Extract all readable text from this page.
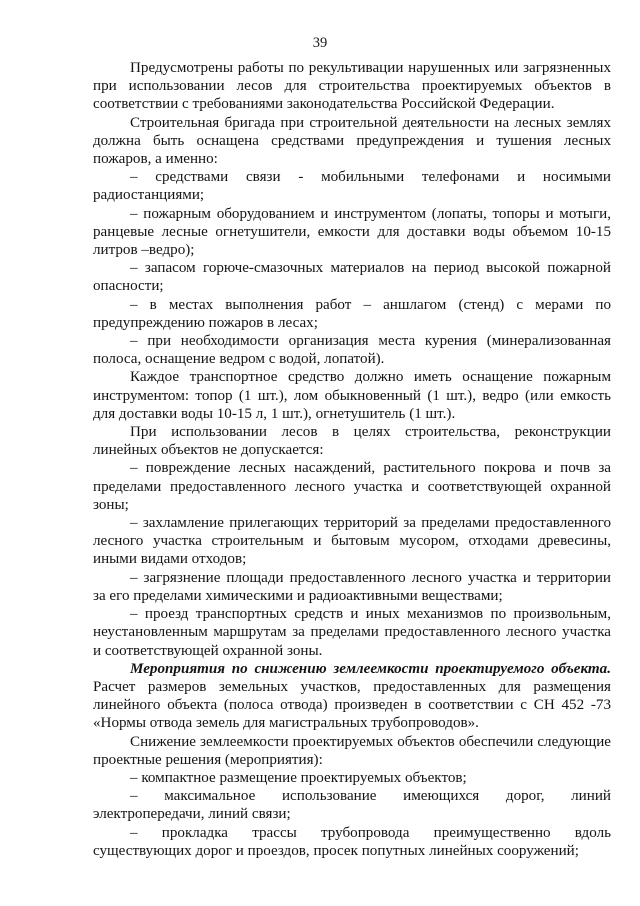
39

Предусмотрены работы по рекультивации нарушенных или загрязненных при использовании лесов для строительства проектируемых объектов в соответствии с требованиями законодательства Российской Федерации.

Строительная бригада при строительной деятельности на лесных землях должна быть оснащена средствами предупреждения и тушения лесных пожаров, а именно:

– средствами связи - мобильными телефонами и носимыми радиостанциями;

– пожарным оборудованием и инструментом (лопаты, топоры и мотыги, ранцевые лесные огнетушители, емкости для доставки воды объемом 10-15 литров –ведро);

– запасом горюче-смазочных материалов на период высокой пожарной опасности;

– в местах выполнения работ – аншлагом (стенд) с мерами по предупреждению пожаров в лесах;

– при необходимости организация места курения (минерализованная полоса, оснащение ведром с водой, лопатой).

Каждое транспортное средство должно иметь оснащение пожарным инструментом: топор (1 шт.), лом обыкновенный (1 шт.), ведро (или емкость для доставки воды 10-15 л, 1 шт.), огнетушитель (1 шт.).

При использовании лесов в целях строительства, реконструкции линейных объектов не допускается:

– повреждение лесных насаждений, растительного покрова и почв за пределами предоставленного лесного участка и соответствующей охранной зоны;

– захламление прилегающих территорий за пределами предоставленного лесного участка строительным и бытовым мусором, отходами древесины, иными видами отходов;

– загрязнение площади предоставленного лесного участка и территории за его пределами химическими и радиоактивными веществами;

– проезд транспортных средств и иных механизмов по произвольным, неустановленным маршрутам за пределами предоставленного лесного участка и соответствующей охранной зоны.

Мероприятия по снижению землеемкости проектируемого объекта. Расчет размеров земельных участков, предоставленных для размещения линейного объекта (полоса отвода) произведен в соответствии с СН 452 -73 «Нормы отвода земель для магистральных трубопроводов».

Снижение землеемкости проектируемых объектов обеспечили следующие проектные решения (мероприятия):

– компактное размещение проектируемых объектов;

– максимальное использование имеющихся дорог, линий электропередачи, линий связи;

– прокладка трассы трубопровода преимущественно вдоль существующих дорог и проездов, просек попутных линейных сооружений;
